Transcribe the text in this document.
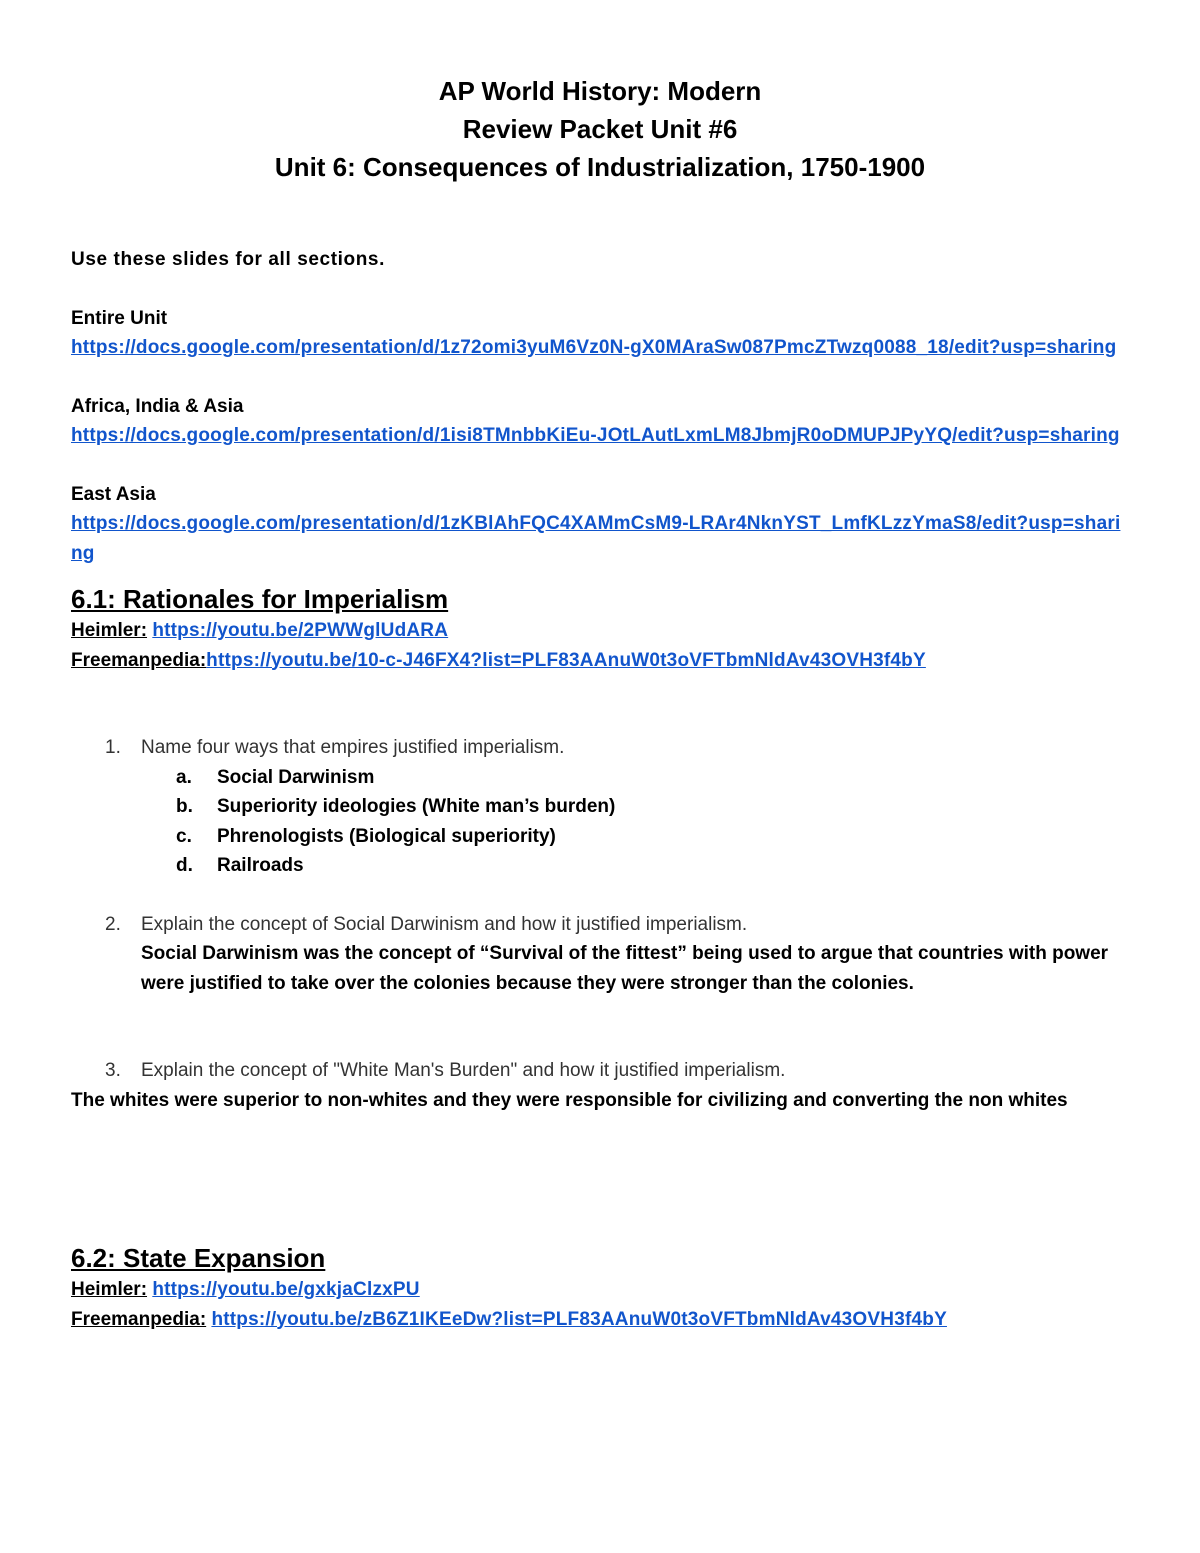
AP World History: Modern
Review Packet Unit #6
Unit 6: Consequences of Industrialization, 1750-1900
Use these slides for all sections.
Entire Unit
https://docs.google.com/presentation/d/1z72omi3yuM6Vz0N-gX0MAraSw087PmcZTwzq0088_18/edit?usp=sharing
Africa, India & Asia
https://docs.google.com/presentation/d/1isi8TMnbbKiEu-JOtLAutLxmLM8JbmjR0oDMUPJPyYQ/edit?usp=sharing
East Asia
https://docs.google.com/presentation/d/1zKBlAhFQC4XAMmCsM9-LRAr4NknYST_LmfKLzzYmaS8/edit?usp=sharing
6.1: Rationales for Imperialism
Heimler: https://youtu.be/2PWWglUdARA
Freemanpedia:https://youtu.be/10-c-J46FX4?list=PLF83AAnuW0t3oVFTbmNldAv43OVH3f4bY
1. Name four ways that empires justified imperialism.
a. Social Darwinism
b. Superiority ideologies (White man’s burden)
c. Phrenologists (Biological superiority)
d. Railroads
2. Explain the concept of Social Darwinism and how it justified imperialism.
Social Darwinism was the concept of “Survival of the fittest” being used to argue that countries with power were justified to take over the colonies because they were stronger than the colonies.
3. Explain the concept of "White Man's Burden" and how it justified imperialism.
The whites were superior to non-whites and they were responsible for civilizing and converting the non whites
6.2: State Expansion
Heimler: https://youtu.be/gxkjaClzxPU
Freemanpedia: https://youtu.be/zB6Z1IKEeDw?list=PLF83AAnuW0t3oVFTbmNldAv43OVH3f4bY
